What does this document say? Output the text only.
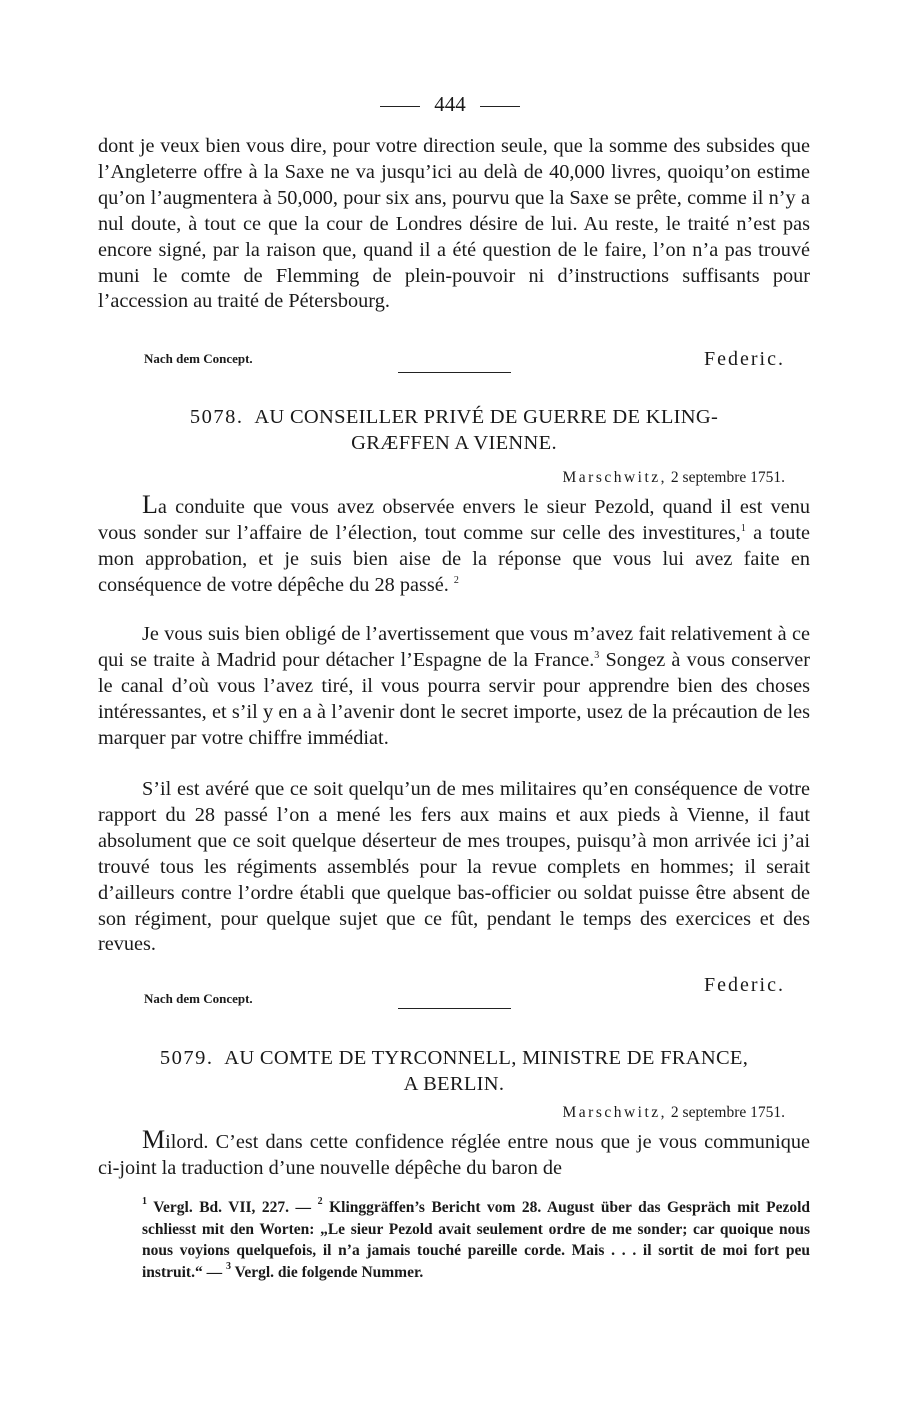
444
dont je veux bien vous dire, pour votre direction seule, que la somme des subsides que l’Angleterre offre à la Saxe ne va jusqu’ici au delà de 40,000 livres, quoiqu’on estime qu’on l’augmentera à 50,000, pour six ans, pourvu que la Saxe se prête, comme il n’y a nul doute, à tout ce que la cour de Londres désire de lui. Au reste, le traité n’est pas encore signé, par la raison que, quand il a été question de le faire, l’on n’a pas trouvé muni le comte de Flemming de plein-pouvoir ni d’instructions suffisants pour l’accession au traité de Pétersbourg.
Nach dem Concept.	Federic.
5078. AU CONSEILLER PRIVÉ DE GUERRE DE KLING-
GRÆFFEN A VIENNE.
Marschwitz, 2 septembre 1751.
La conduite que vous avez observée envers le sieur Pezold, quand il est venu vous sonder sur l’affaire de l’élection, tout comme sur celle des investitures,$^1$ a toute mon approbation, et je suis bien aise de la réponse que vous lui avez faite en conséquence de votre dépêche du 28 passé. $^2$
Je vous suis bien obligé de l’avertissement que vous m’avez fait relativement à ce qui se traite à Madrid pour détacher l’Espagne de la France.$^3$ Songez à vous conserver le canal d’où vous l’avez tiré, il vous pourra servir pour apprendre bien des choses intéressantes, et s’il y en a à l’avenir dont le secret importe, usez de la précaution de les marquer par votre chiffre immédiat.
S’il est avéré que ce soit quelqu’un de mes militaires qu’en conséquence de votre rapport du 28 passé l’on a mené les fers aux mains et aux pieds à Vienne, il faut absolument que ce soit quelque déserteur de mes troupes, puisqu’à mon arrivée ici j’ai trouvé tous les régiments assemblés pour la revue complets en hommes; il serait d’ailleurs contre l’ordre établi que quelque bas-officier ou soldat puisse être absent de son régiment, pour quelque sujet que ce fût, pendant le temps des exercices et des revues.
Nach dem Concept.
Federic.
5079. AU COMTE DE TYRCONNELL, MINISTRE DE FRANCE,
A BERLIN.
Marschwitz, 2 septembre 1751.
Milord. C’est dans cette confidence réglée entre nous que je vous communique ci-joint la traduction d’une nouvelle dépêche du baron de
$^1$ Vergl. Bd. VII, 227. — $^2$ Klinggräffen’s Bericht vom 28. August über das Gespräch mit Pezold schliesst mit den Worten: „Le sieur Pezold avait seulement ordre de me sonder; car quoique nous nous voyions quelquefois, il n’a jamais touché pareille corde. Mais . . . il sortit de moi fort peu instruit.“ — $^3$ Vergl. die folgende Nummer.
